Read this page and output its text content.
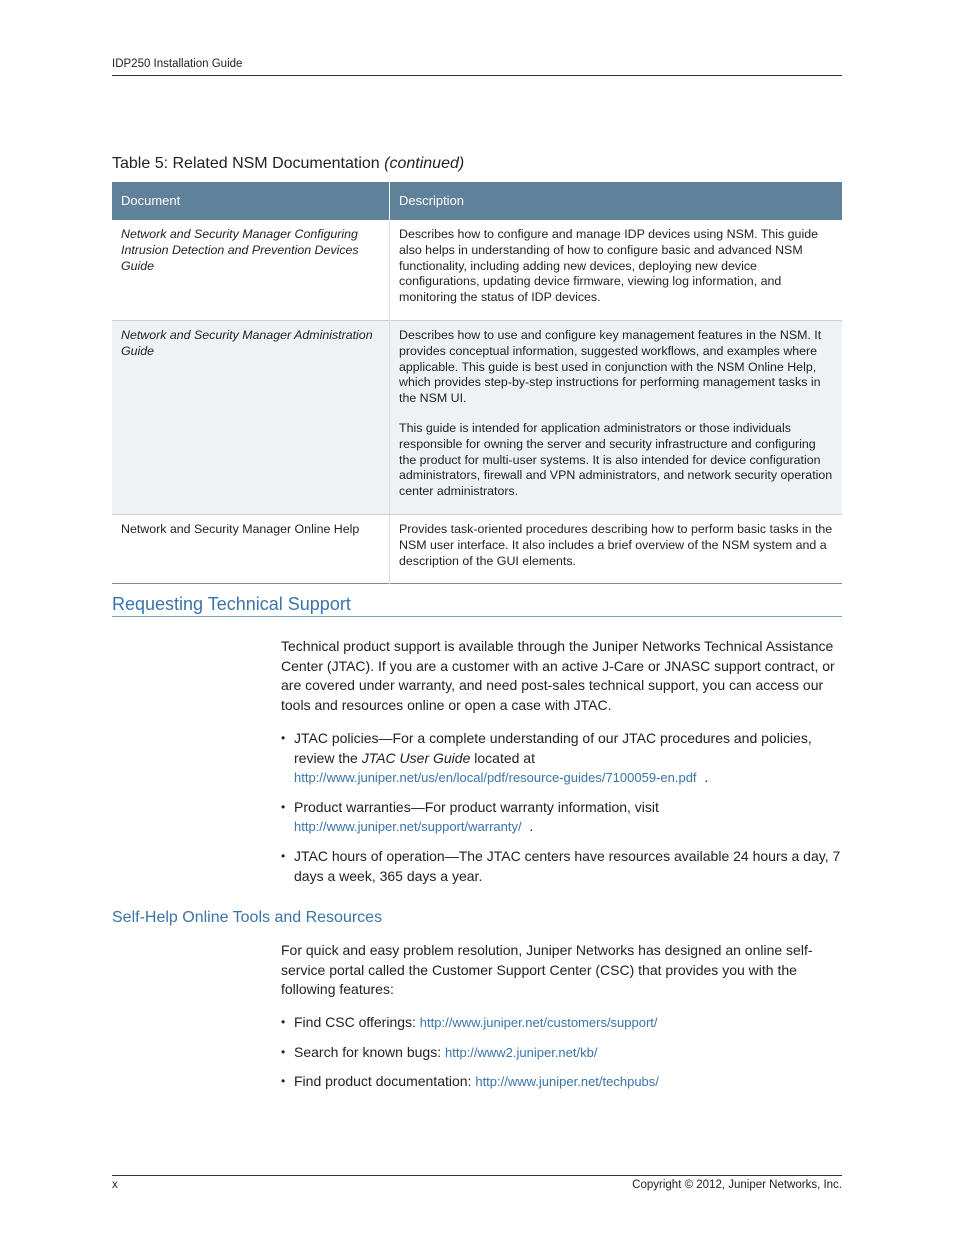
IDP250 Installation Guide
Table 5: Related NSM Documentation (continued)
Document	Description
Network and Security Manager Configuring Intrusion Detection and Prevention Devices Guide	Describes how to configure and manage IDP devices using NSM. This guide also helps in understanding of how to configure basic and advanced NSM functionality, including adding new devices, deploying new device configurations, updating device firmware, viewing log information, and monitoring the status of IDP devices.

Network and Security Manager Administration Guide	Describes how to use and configure key management features in the NSM. It provides conceptual information, suggested workflows, and examples where applicable. This guide is best used in conjunction with the NSM Online Help, which provides step-by-step instructions for performing management tasks in the NSM UI.

This guide is intended for application administrators or those individuals responsible for owning the server and security infrastructure and configuring the product for multi-user systems. It is also intended for device configuration administrators, firewall and VPN administrators, and network security operation center administrators.

Network and Security Manager Online Help	Provides task-oriented procedures describing how to perform basic tasks in the NSM user interface. It also includes a brief overview of the NSM system and a description of the GUI elements.

Requesting Technical Support

Technical product support is available through the Juniper Networks Technical Assistance Center (JTAC). If you are a customer with an active J-Care or JNASC support contract, or are covered under warranty, and need post-sales technical support, you can access our tools and resources online or open a case with JTAC.

• JTAC policies—For a complete understanding of our JTAC procedures and policies, review the JTAC User Guide located at
http://www.juniper.net/us/en/local/pdf/resource-guides/7100059-en.pdf .
• Product warranties—For product warranty information, visit
http://www.juniper.net/support/warranty/ .
• JTAC hours of operation—The JTAC centers have resources available 24 hours a day, 7 days a week, 365 days a year.
Self-Help Online Tools and Resources

For quick and easy problem resolution, Juniper Networks has designed an online self-service portal called the Customer Support Center (CSC) that provides you with the following features:

• Find CSC offerings: http://www.juniper.net/customers/support/
• Search for known bugs: http://www2.juniper.net/kb/
• Find product documentation: http://www.juniper.net/techpubs/
x	Copyright © 2012, Juniper Networks, Inc.
